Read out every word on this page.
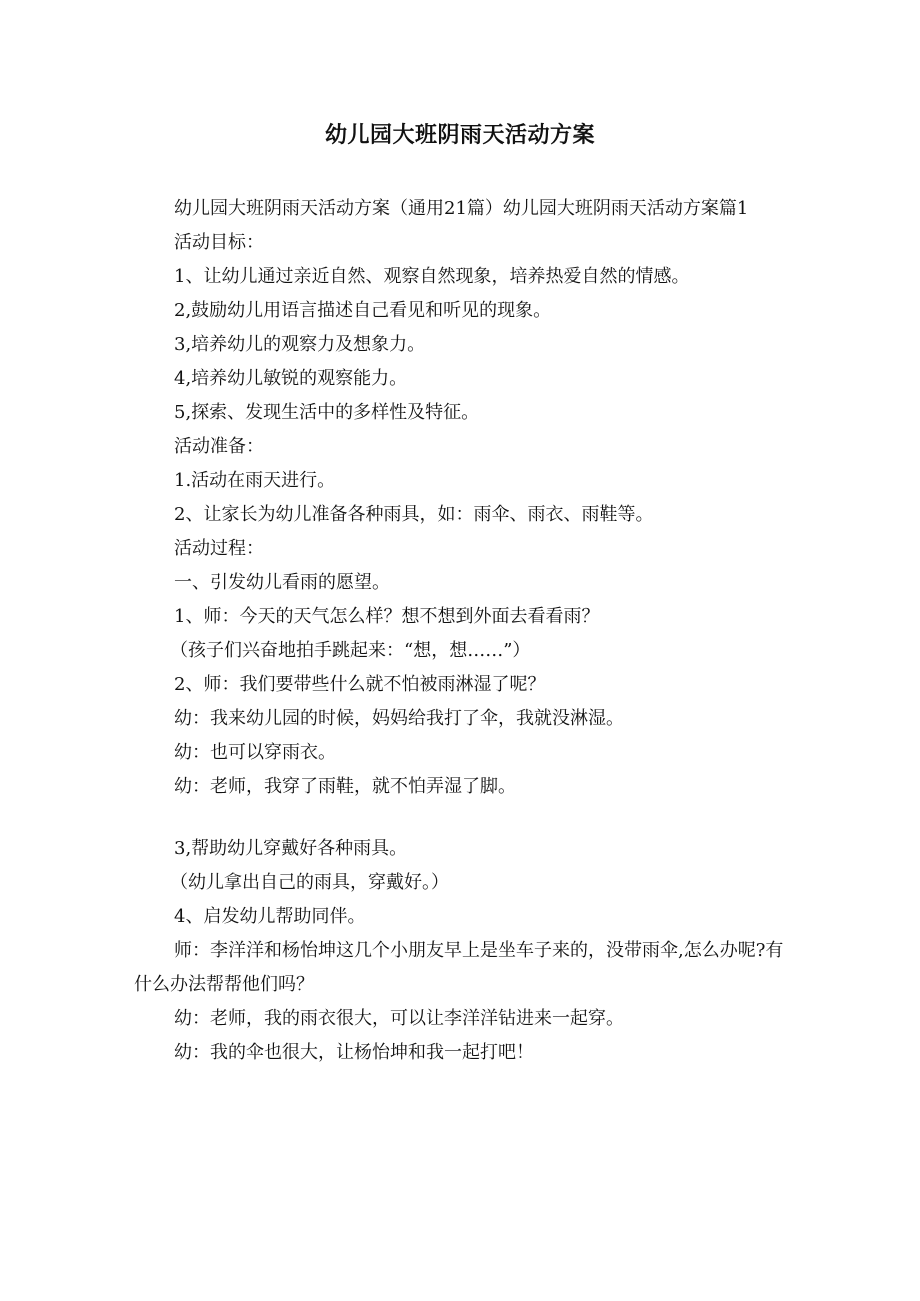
幼儿园大班阴雨天活动方案

幼儿园大班阴雨天活动方案（通用21篇）幼儿园大班阴雨天活动方案篇1

活动目标：

1、让幼儿通过亲近自然、观察自然现象，培养热爱自然的情感。

2,鼓励幼儿用语言描述自己看见和听见的现象。

3,培养幼儿的观察力及想象力。

4,培养幼儿敏锐的观察能力。

5,探索、发现生活中的多样性及特征。

活动准备：

1.活动在雨天进行。

2、让家长为幼儿准备各种雨具，如：雨伞、雨衣、雨鞋等。

活动过程：

一、引发幼儿看雨的愿望。

1、师：今天的天气怎么样？想不想到外面去看看雨？

（孩子们兴奋地拍手跳起来：“想，想……”）

2、师：我们要带些什么就不怕被雨淋湿了呢？

幼：我来幼儿园的时候，妈妈给我打了伞，我就没淋湿。

幼：也可以穿雨衣。

幼：老师，我穿了雨鞋，就不怕弄湿了脚。

3,帮助幼儿穿戴好各种雨具。

（幼儿拿出自己的雨具，穿戴好。）

4、启发幼儿帮助同伴。

师：李洋洋和杨怡坤这几个小朋友早上是坐车子来的，没带雨伞,怎么办呢?有什么办法帮帮他们吗？

幼：老师，我的雨衣很大，可以让李洋洋钻进来一起穿。

幼：我的伞也很大，让杨怡坤和我一起打吧！
